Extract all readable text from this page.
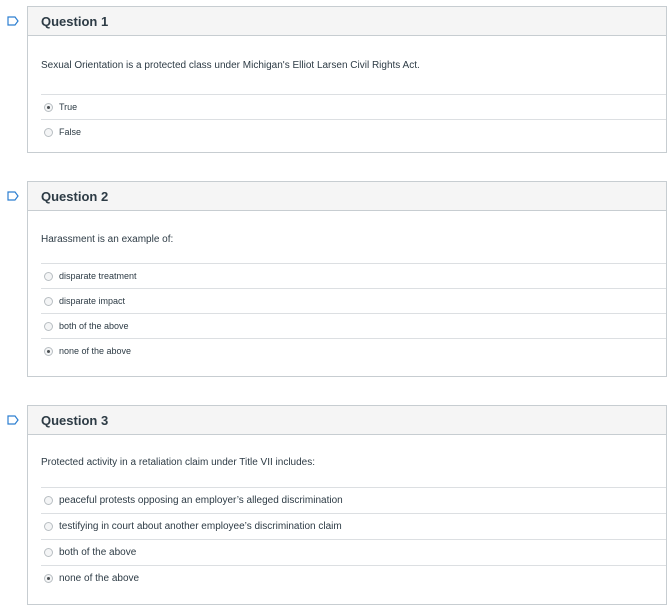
Question 1
Sexual Orientation is a protected class under Michigan's Elliot Larsen Civil Rights Act.
True
False
Question 2
Harassment is an example of:
disparate treatment
disparate impact
both of the above
none of the above
Question 3
Protected activity in a retaliation claim under Title VII includes:
peaceful protests opposing an employer’s alleged discrimination
testifying in court about another employee’s discrimination claim
both of the above
none of the above
